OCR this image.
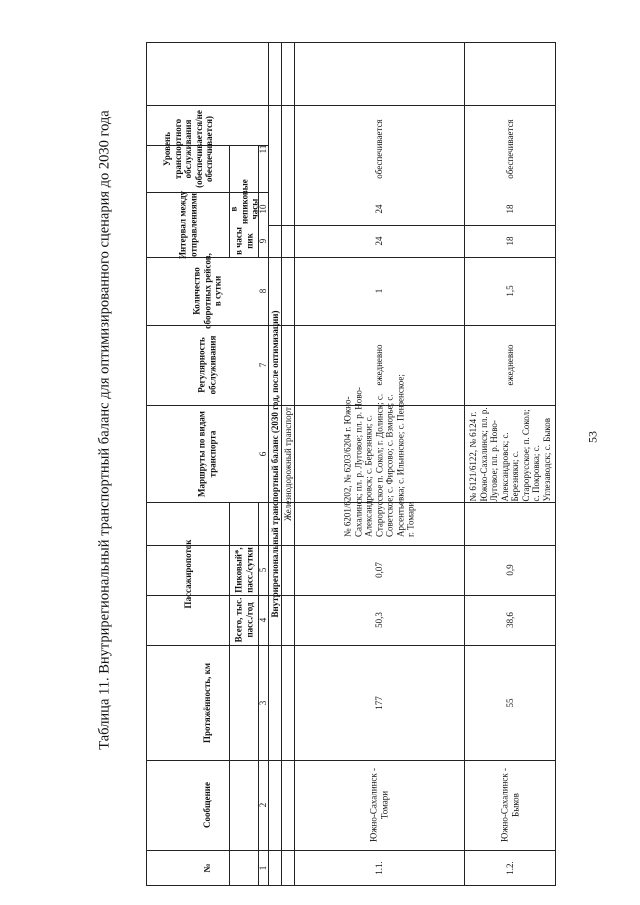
Таблица 11. Внутрирегиональный транспортный баланс для оптимизированного сценария до 2030 года	53
№
Сообщение
Протяжённость, км
Пассажиропоток
Всего, тыс. пасс./год
Пиковый*, пасс./сутки
Маршруты по видам транспорта
Регулярность обслуживания
Количество оборотных рейсов, в сутки
Интервал между отправлениями	в часы пик
в непиковые часы
Уровень транспортного обслуживания (обеспечивается/не обеспечивается)
1
2
3
4
5
6
7
8
9
10
11
Внутрирегиональный транспортный баланс (2030 год, после оптимизации) Железнодорожный транспорт
1.1.
Южно-Сахалинск - Томари
177
50,3
0,07
№ 6201/6202, № 6203/6204 г. Южно-Сахалинск; пл. р. Луговое; пл. р. Ново-Александровск; с. Березняки; с. Старорусское п. Сокол; г. Долинск; с. Советское; с. Фирсово; с. Взморье; с. Арсентьевка; с. Ильинское; с. Пензенское; г. Томари
ежедневно
1
24
24
обеспечивается
1.2.
Южно-Сахалинск - Быков
55
38,6
0,9
№ 6121/6122, № 6124 г. Южно-Сахалинск; пл. р. Луговое; пл. р. Ново-Александровск; с. Березняки; с. Старорусское; п. Сокол; с. Покровка; с. Углезаводск; с. Быков
ежедневно
1,5
18
18
обеспечивается
